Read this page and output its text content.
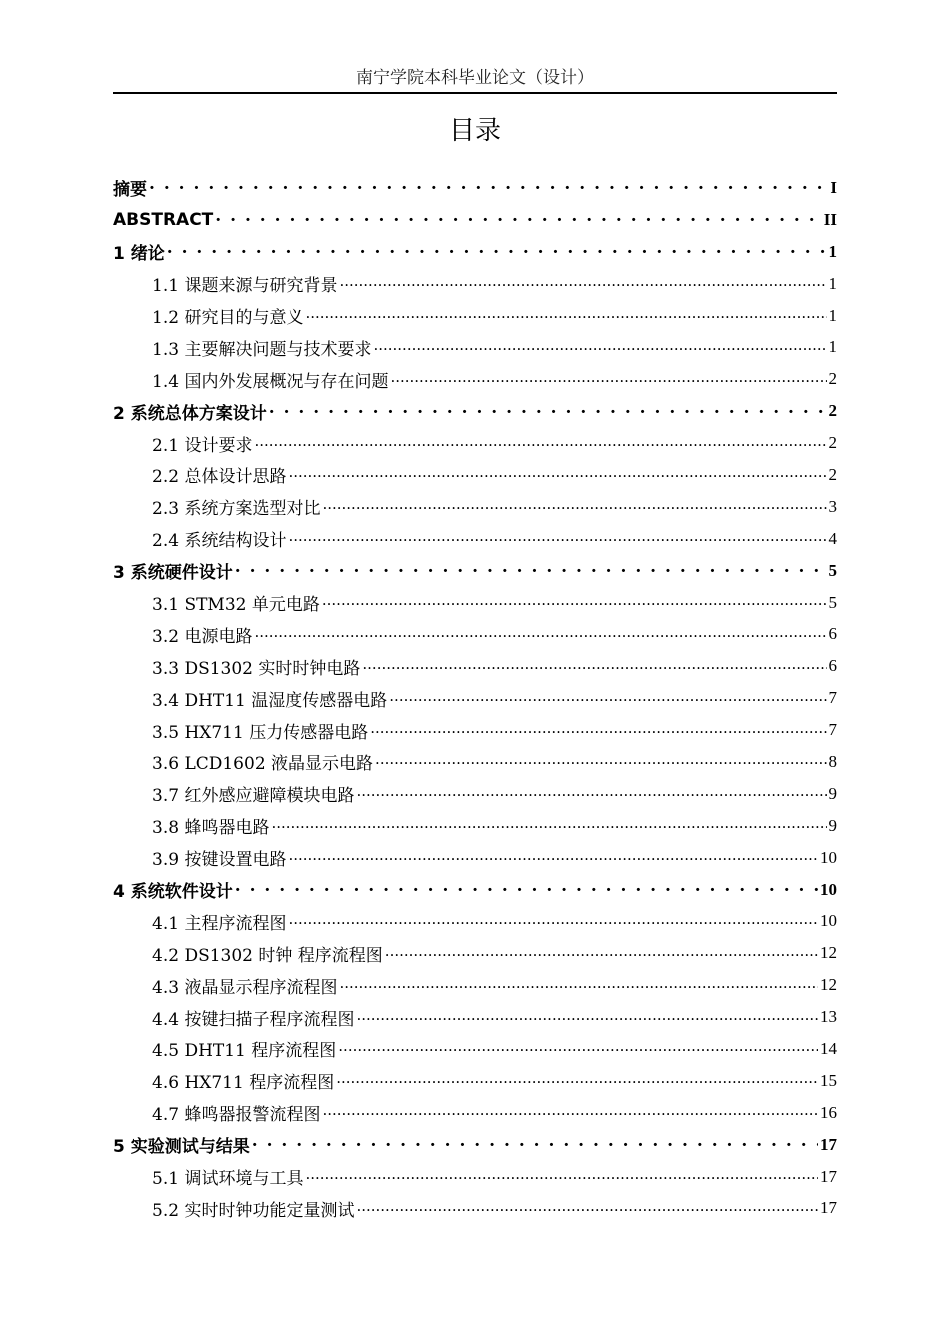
南宁学院本科毕业论文（设计）
目录
摘要 . . .	I
ABSTRACT . . .	II
1 绪论 . . .	1
1.1 课题来源与研究背景 .....	1
1.2 研究目的与意义 .....	1
1.3 主要解决问题与技术要求 .....	1
1.4 国内外发展概况与存在问题 .....	2
2 系统总体方案设计 . . .	2
2.1 设计要求 .....	2
2.2 总体设计思路 .....	2
2.3 系统方案选型对比 .....	3
2.4 系统结构设计 .....	4
3 系统硬件设计 . . .	5
3.1 STM32 单元电路 .....	5
3.2 电源电路 .....	6
3.3 DS1302 实时时钟电路 .....	6
3.4 DHT11 温湿度传感器电路 .....	7
3.5 HX711 压力传感器电路 .....	7
3.6 LCD1602 液晶显示电路 .....	8
3.7 红外感应避障模块电路 .....	9
3.8 蜂鸣器电路 .....	9
3.9 按键设置电路 .....	10
4 系统软件设计 . . .	10
4.1 主程序流程图 .....	10
4.2 DS1302 时钟 程序流程图 .....	12
4.3 液晶显示程序流程图 .....	12
4.4 按键扫描子程序流程图 .....	13
4.5 DHT11 程序流程图 .....	14
4.6 HX711 程序流程图 .....	15
4.7 蜂鸣器报警流程图 .....	16
5 实验测试与结果 . . .	17
5.1 调试环境与工具 .....	17
5.2 实时时钟功能定量测试 .....	17
